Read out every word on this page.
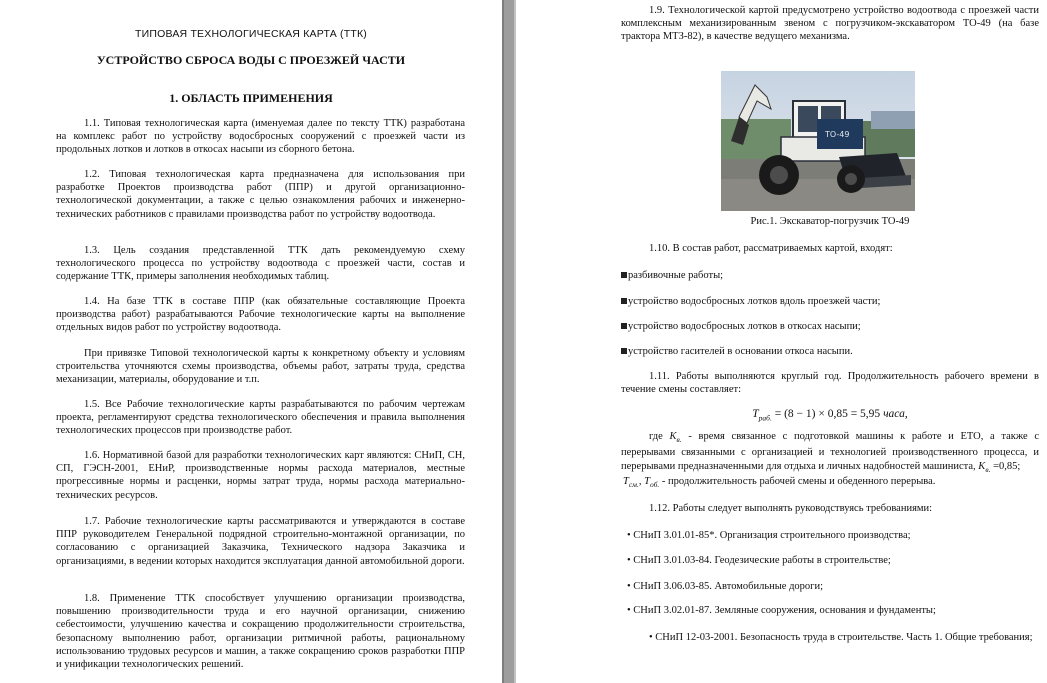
ТИПОВАЯ ТЕХНОЛОГИЧЕСКАЯ КАРТА (ТТК)
УСТРОЙСТВО СБРОСА ВОДЫ С ПРОЕЗЖЕЙ ЧАСТИ
1. ОБЛАСТЬ ПРИМЕНЕНИЯ

1.1. Типовая технологическая карта (именуемая далее по тексту ТТК) разработана на комплекс работ по устройству водосбросных сооружений с проезжей части из продольных лотков и лотков в откосах насыпи из сборного бетона.

1.2. Типовая технологическая карта предназначена для использования при разработке Проектов производства работ (ППР) и другой организационно-технологической документации, а также с целью ознакомления рабочих и инженерно-технических работников с правилами производства работ по устройству водоотвода.

1.3. Цель создания представленной ТТК дать рекомендуемую схему технологического процесса по устройству водоотвода с проезжей части, состав и содержание ТТК, примеры заполнения необходимых таблиц.

1.4. На базе ТТК в составе ППР (как обязательные составляющие Проекта производства работ) разрабатываются Рабочие технологические карты на выполнение отдельных видов работ по устройству водоотвода.

При привязке Типовой технологической карты к конкретному объекту и условиям строительства уточняются схемы производства, объемы работ, затраты труда, средства механизации, материалы, оборудование и т.п.

1.5. Все Рабочие технологические карты разрабатываются по рабочим чертежам проекта, регламентируют средства технологического обеспечения и правила выполнения технологических процессов при производстве работ.

1.6. Нормативной базой для разработки технологических карт являются: СНиП, СН, СП, ГЭСН-2001, ЕНиР, производственные нормы расхода материалов, местные прогрессивные нормы и расценки, нормы затрат труда, нормы расхода материально-технических ресурсов.

1.7. Рабочие технологические карты рассматриваются и утверждаются в составе ППР руководителем Генеральной подрядной строительно-монтажной организации, по согласованию с организацией Заказчика, Технического надзора Заказчика и организациями, в ведении которых находится эксплуатация данной автомобильной дороги.

1.8. Применение ТТК способствует улучшению организации производства, повышению производительности труда и его научной организации, снижению себестоимости, улучшению качества и сокращению продолжительности строительства, безопасному выполнению работ, организации ритмичной работы, рациональному использованию трудовых ресурсов и машин, а также сокращению сроков разработки ППР и унификации технологических решений.

1.9. Технологической картой предусмотрено устройство водоотвода с проезжей части комплексным механизированным звеном с погрузчиком-экскаватором ТО-49 (на базе трактора МТЗ-82), в качестве ведущего механизма.

TO-49
Рис.1. Экскаватор-погрузчик ТО-49

1.10. В состав работ, рассматриваемых картой, входят:

разбивочные работы;

устройство водосбросных лотков вдоль проезжей части;

устройство водосбросных лотков в откосах насыпи;

устройство гасителей в основании откоса насыпи.

1.11. Работы выполняются круглый год. Продолжительность рабочего времени в течение смены составляет:

$T_{раб.} = (8 - 1) \times 0,85 = 5,95$ часа,

где $K_{в.}$ - время связанное с подготовкой машины к работе и ЕТО, а также с перерывами связанными с организацией и технологией производственного процесса, и перерывами предназначенными для отдыха и личных надобностей машиниста, $K_{в.} =0,85$;

$T_{см.}$, $T_{об.}$ - продолжительность рабочей смены и обеденного перерыва.

1.12. Работы следует выполнять руководствуясь требованиями:

• СНиП 3.01.01-85*. Организация строительного производства;

• СНиП 3.01.03-84. Геодезические работы в строительстве;

• СНиП 3.06.03-85. Автомобильные дороги;

• СНиП 3.02.01-87. Земляные сооружения, основания и фундаменты;

• СНиП 12-03-2001. Безопасность труда в строительстве. Часть 1. Общие требования;
